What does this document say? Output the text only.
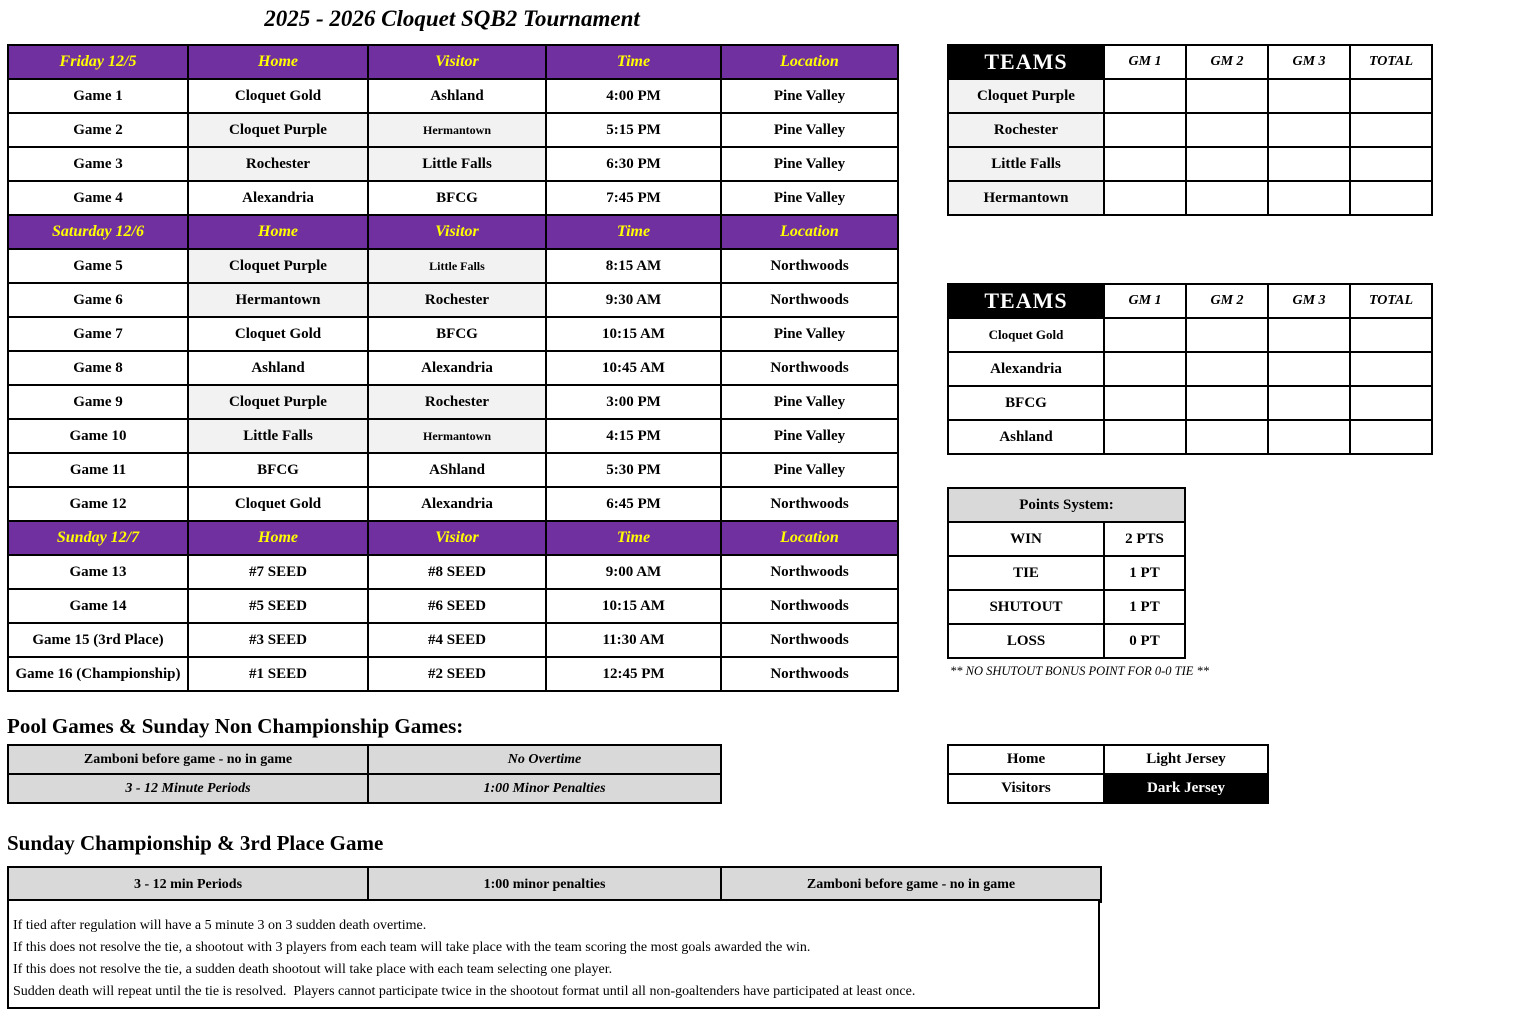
2025 - 2026 Cloquet SQB2 Tournament
Friday 12/5	Home	Visitor	Time	Location
Game 1	Cloquet Gold	Ashland	4:00 PM	Pine Valley
Game 2	Cloquet Purple	Hermantown	5:15 PM	Pine Valley
Game 3	Rochester	Little Falls	6:30 PM	Pine Valley
Game 4	Alexandria	BFCG	7:45 PM	Pine Valley
Saturday 12/6	Home	Visitor	Time	Location
Game 5	Cloquet Purple	Little Falls	8:15 AM	Northwoods
Game 6	Hermantown	Rochester	9:30 AM	Northwoods
Game 7	Cloquet Gold	BFCG	10:15 AM	Pine Valley
Game 8	Ashland	Alexandria	10:45 AM	Northwoods
Game 9	Cloquet Purple	Rochester	3:00 PM	Pine Valley
Game 10	Little Falls	Hermantown	4:15 PM	Pine Valley
Game 11	BFCG	AShland	5:30 PM	Pine Valley
Game 12	Cloquet Gold	Alexandria	6:45 PM	Northwoods
Sunday 12/7	Home	Visitor	Time	Location
Game 13	#7 SEED	#8 SEED	9:00 AM	Northwoods
Game 14	#5 SEED	#6 SEED	10:15 AM	Northwoods
Game 15 (3rd Place)	#3 SEED	#4 SEED	11:30 AM	Northwoods
Game 16 (Championship)	#1 SEED	#2 SEED	12:45 PM	Northwoods
TEAMS	GM 1	GM 2	GM 3	TOTAL
Cloquet Purple				
Rochester				
Little Falls				
Hermantown				
TEAMS	GM 1	GM 2	GM 3	TOTAL
Cloquet Gold				
Alexandria				
BFCG				
Ashland				
Points System:	
WIN	2 PTS
TIE	1 PT
SHUTOUT	1 PT
LOSS	0 PT
** NO SHUTOUT BONUS POINT FOR 0-0 TIE **
Home	Light Jersey
Visitors	Dark Jersey
Pool Games & Sunday Non Championship Games:
Zamboni before game - no in game	No Overtime
3 - 12 Minute Periods	1:00 Minor Penalties
Sunday Championship & 3rd Place Game
3 - 12 min Periods	1:00 minor penalties	Zamboni before game - no in game
If tied after regulation will have a 5 minute 3 on 3 sudden death overtime.
If this does not resolve the tie, a shootout with 3 players from each team will take place with the team scoring the most goals awarded the win.
If this does not resolve the tie, a sudden death shootout will take place with each team selecting one player.
Sudden death will repeat until the tie is resolved.  Players cannot participate twice in the shootout format until all non-goaltenders have participated at least once.
